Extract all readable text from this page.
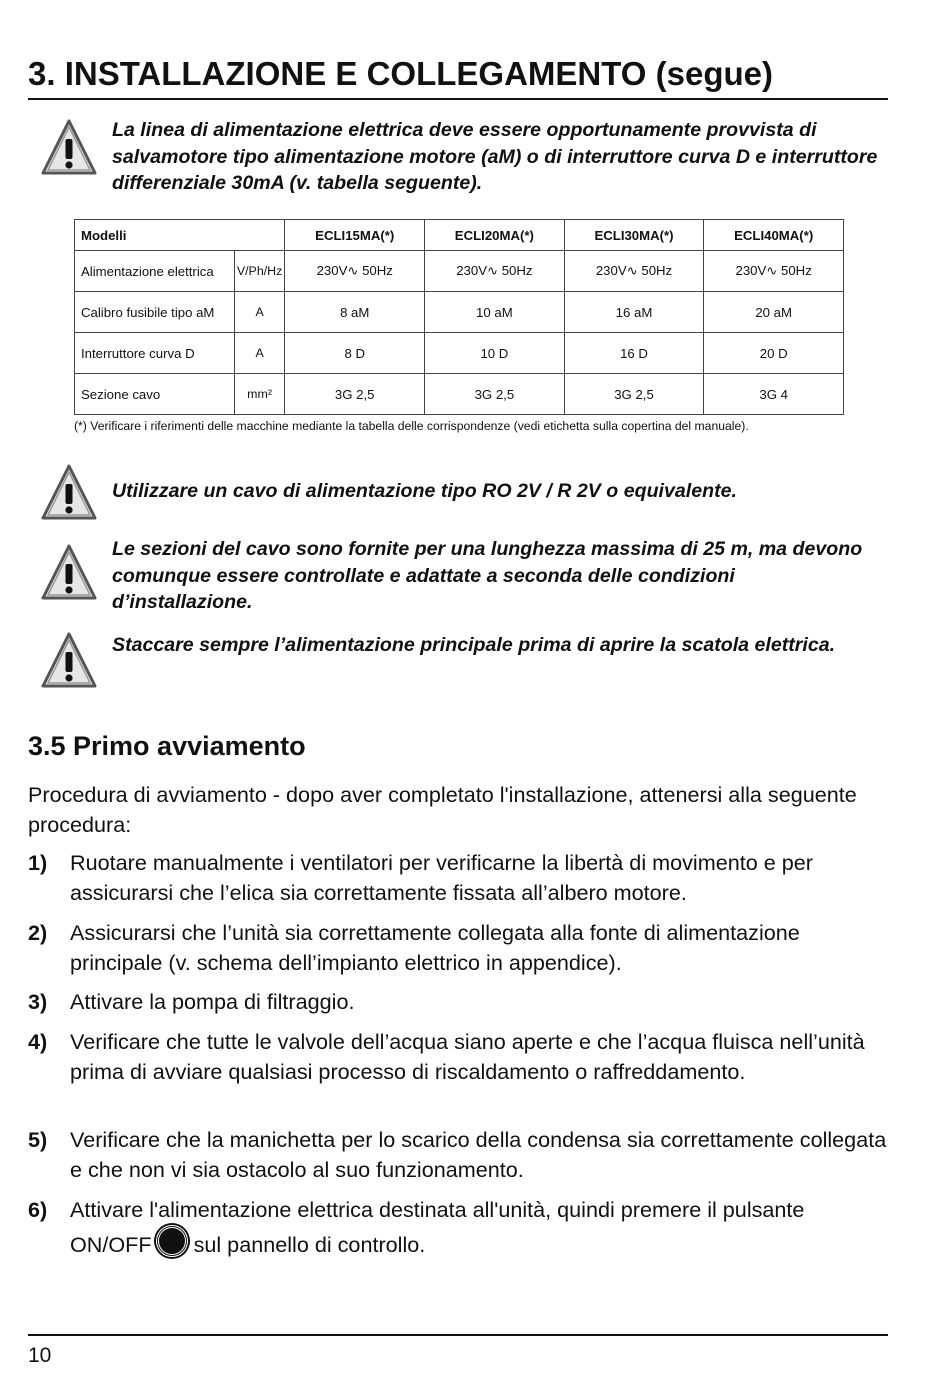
3. INSTALLAZIONE E COLLEGAMENTO (segue)
La linea di alimentazione elettrica deve essere opportunamente provvista di salvamotore tipo alimentazione motore (aM) o di interruttore curva D e interruttore differenziale 30mA (v. tabella seguente).
Modelli		ECLI15MA(*)	ECLI20MA(*)	ECLI30MA(*)	ECLI40MA(*)
Alimentazione elettrica	V/Ph/Hz	230V∿ 50Hz	230V∿ 50Hz	230V∿ 50Hz	230V∿ 50Hz
Calibro fusibile tipo aM	A	8 aM	10 aM	16 aM	20 aM
Interruttore curva D	A	8 D	10 D	16 D	20 D
Sezione cavo	mm²	3G 2,5	3G 2,5	3G 2,5	3G 4
(*) Verificare i riferimenti delle macchine mediante la tabella delle corrispondenze (vedi etichetta sulla copertina del manuale).
Utilizzare un cavo di alimentazione tipo RO 2V / R 2V o equivalente.
Le sezioni del cavo sono fornite per una lunghezza massima di 25 m, ma devono comunque essere controllate e adattate a seconda delle condizioni d’installazione.
Staccare sempre l’alimentazione principale prima di aprire la scatola elettrica.
3.5 Primo avviamento
Procedura di avviamento - dopo aver completato l'installazione, attenersi alla seguente procedura:
1) Ruotare manualmente i ventilatori per verificarne la libertà di movimento e per assicurarsi che l’elica sia correttamente fissata all’albero motore.
2) Assicurarsi che l’unità sia correttamente collegata alla fonte di alimentazione principale (v. schema dell’impianto elettrico in appendice).
3) Attivare la pompa di filtraggio.
4) Verificare che tutte le valvole dell’acqua siano aperte e che l’acqua fluisca nell’unità prima di avviare qualsiasi processo di riscaldamento o raffreddamento.
5) Verificare che la manichetta per lo scarico della condensa sia correttamente collegata e che non vi sia ostacolo al suo funzionamento.
6) Attivare l'alimentazione elettrica destinata all'unità, quindi premere il pulsante ON/OFF sul pannello di controllo.
10
